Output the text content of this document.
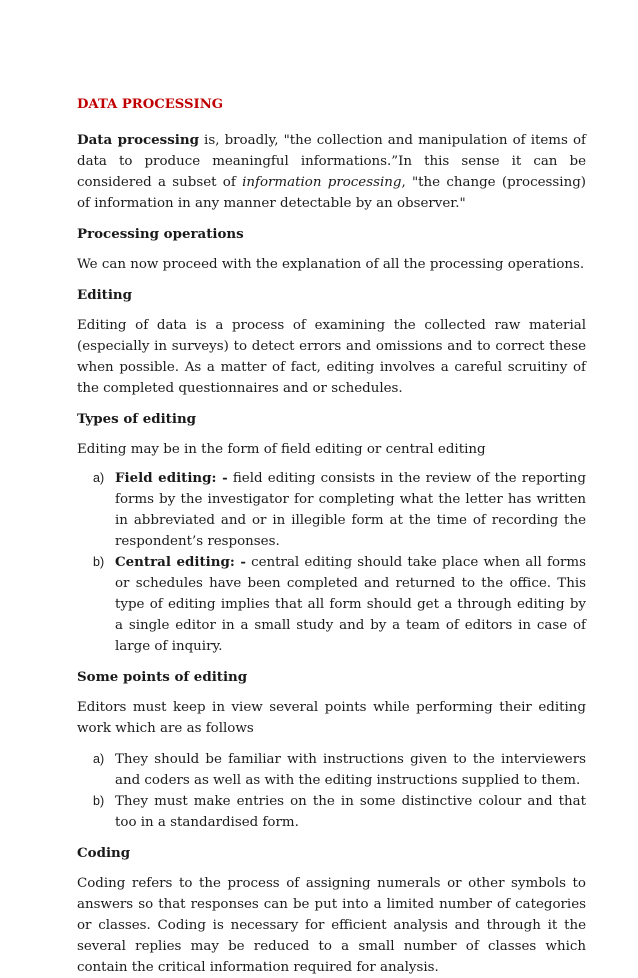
DATA PROCESSING

Data processing is, broadly, "the collection and manipulation of items of data to produce meaningful informations.”In this sense it can be considered a subset of information processing, "the change (processing) of information in any manner detectable by an observer."

Processing operations

We can now proceed with the explanation of all the processing operations.

Editing

Editing of data is a process of examining the collected raw material (especially in surveys) to detect errors and omissions and to correct these when possible. As a matter of fact, editing involves a careful scruitiny of the completed questionnaires and or schedules.

Types of editing

Editing may be in the form of field editing or central editing

a) Field editing: - field editing consists in the review of the reporting forms by the investigator for completing what the letter has written in abbreviated and or in illegible form at the time of recording the respondent’s responses.
b) Central editing: - central editing should take place when all forms or schedules have been completed and returned to the office. This type of editing implies that all form should get a through editing by a single editor in a small study and by a team of editors in case of large of inquiry.
Some points of editing

Editors must keep in view several points while performing their editing work which are as follows

a) They should be familiar with instructions given to the interviewers and coders as well as with the editing instructions supplied to them.
b) They must make entries on the in some distinctive colour and that too in a standardised form.
Coding

Coding refers to the process of assigning numerals or other symbols to answers so that responses can be put into a limited number of categories or classes. Coding is necessary for efficient analysis and through it the several replies may be reduced to a small number of classes which contain the critical information required for analysis.
